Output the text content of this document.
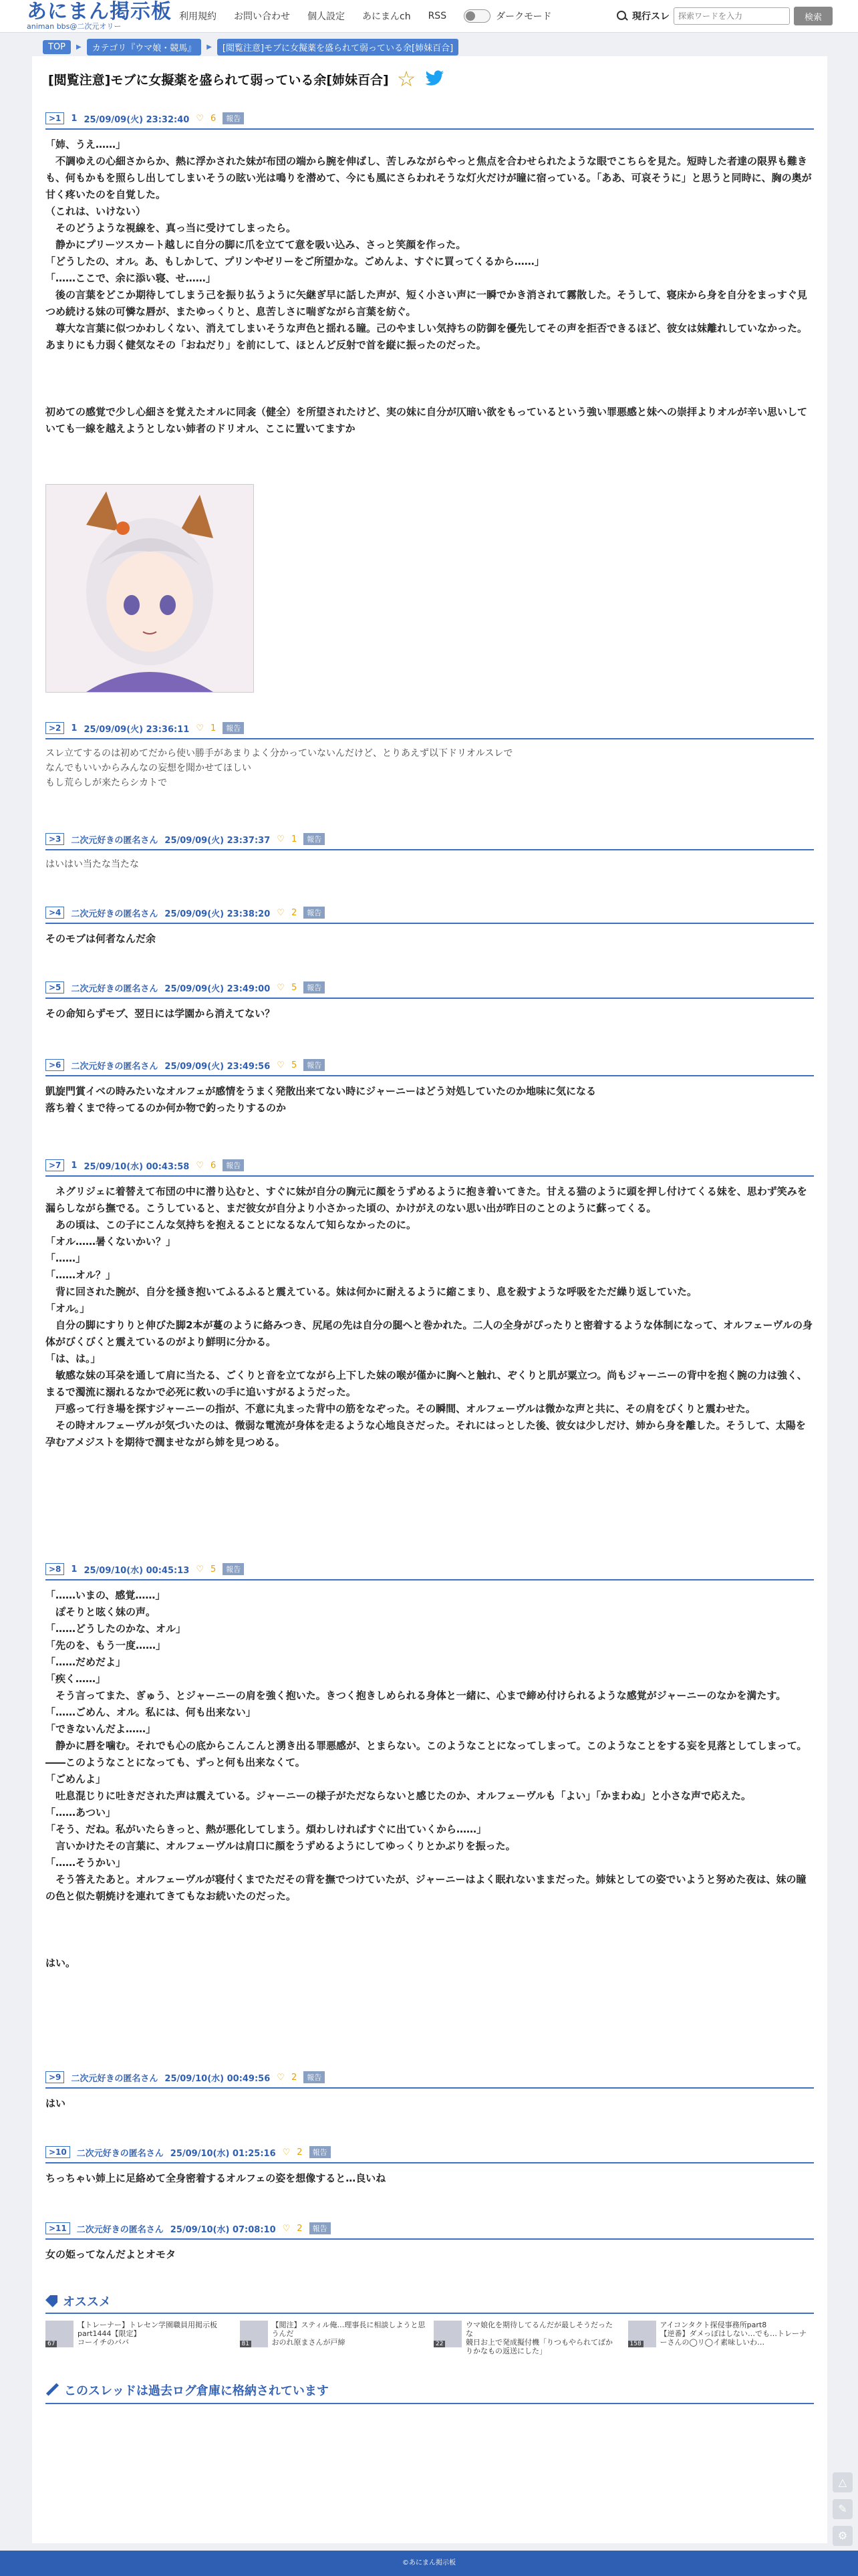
あにまん掲示板
animan bbs@二次元オリー
利用規約 お問い合わせ 個人設定 あにまんch RSS	ダークモード	現行スレ
探索ワードを入力	検索
TOP	▶	カテゴリ『ウマ娘・競馬』	▶	[閲覧注意]モブに女擬薬を盛られて弱っている余[姉妹百合]
[閲覧注意]モブに女擬薬を盛られて弱っている余[姉妹百合] ☆
>1	1 25/09/09(火) 23:32:40 ♡ 6	報告
「姉、うえ……」
　不調ゆえの心細さからか、熱に浮かされた妹が布団の端から腕を伸ばし、苦しみながらやっと焦点を合わせられたような眼でこちらを見た。短時した者達の限界も難きも、何もかもを照らし出してしまいそうの眩い光は鳴りを潜めて、今にも風にさらわれそうな灯火だけが瞳に宿っている。「ああ、可哀そうに」と思うと同時に、胸の奥が甘く疼いたのを自覚した。
（これは、いけない）
　そのどうような視線を、真っ当に受けてしまったら。
　静かにプリーツスカート越しに自分の脚に爪を立てて意を吸い込み、さっと笑顔を作った。
「どうしたの、オル。あ、もしかして、プリンやゼリーをご所望かな。ごめんよ、すぐに買ってくるから……」
「……ここで、余に添い寝、せ……」
　後の言葉をどこか期待してしまう己を振り払うように矢継ぎ早に話した声が、短く小さい声に一瞬でかき消されて霧散した。そうして、寝床から身を自分をまっすぐ見つめ続ける妹の可憐な唇が、またゆっくりと、息苦しさに喘ぎながら言葉を紡ぐ。
　尊大な言葉に似つかわしくない、消えてしまいそうな声色と揺れる瞳。己のやましい気持ちの防御を優先してその声を拒否できるほど、彼女は妹離れしていなかった。あまりにも力弱く健気なその「おねだり」を前にして、ほとんど反射で首を縦に振ったのだった。

初めての感覚で少し心細さを覚えたオルに同衾（健全）を所望されたけど、実の妹に自分が仄暗い欲をもっているという強い罪悪感と妹への崇拝よりオルが辛い思いしていても一線を越えようとしない姉者のドリオル、ここに置いてますか
>2	1 25/09/09(火) 23:36:11 ♡ 1	報告
スレ立てするのは初めてだから使い勝手があまりよく分かっていないんだけど、とりあえず以下ドリオルスレで
なんでもいいからみんなの妄想を聞かせてほしい
もし荒らしが来たらシカトで
>3	二次元好きの匿名さん 25/09/09(火) 23:37:37 ♡ 1	報告
はいはい当たな当たな
>4	二次元好きの匿名さん 25/09/09(火) 23:38:20 ♡ 2	報告
そのモブは何者なんだ余
>5	二次元好きの匿名さん 25/09/09(火) 23:49:00 ♡ 5	報告
その命知らずモブ、翌日には学園から消えてない？
>6	二次元好きの匿名さん 25/09/09(火) 23:49:56 ♡ 5	報告
凱旋門賞イベの時みたいなオルフェが感情をうまく発散出来てない時にジャーニーはどう対処していたのか地味に気になる
落ち着くまで待ってるのか何か物で釣ったりするのか
>7	1 25/09/10(水) 00:43:58 ♡ 6	報告
　ネグリジェに着替えて布団の中に潜り込むと、すぐに妹が自分の胸元に顔をうずめるように抱き着いてきた。甘える猫のように頭を押し付けてくる妹を、思わず笑みを漏らしながら撫でる。こうしていると、まだ彼女が自分より小さかった頃の、かけがえのない思い出が昨日のことのように蘇ってくる。
　あの頃は、この子にこんな気持ちを抱えることになるなんて知らなかったのに。
「オル……暑くないかい？」
「……」
「……オル？」
　背に回された腕が、自分を掻き抱いてふるふると震えている。妹は何かに耐えるように縮こまり、息を殺すような呼吸をただ繰り返していた。
「オル。」
　自分の脚にすりりと伸びた脚2本が蔓のように絡みつき、尻尾の先は自分の腿へと巻かれた。二人の全身がぴったりと密着するような体制になって、オルフェーヴルの身体がびくびくと震えているのがより鮮明に分かる。
「は、は。」
　敏感な妹の耳朶を通して肩に当たる、ごくりと音を立てながら上下した妹の喉が僅かに胸へと触れ、ぞくりと肌が粟立つ。尚もジャーニーの背中を抱く腕の力は強く、まるで濁流に溺れるなかで必死に救いの手に追いすがるようだった。
　戸惑って行き場を探すジャーニーの指が、不意に丸まった背中の筋をなぞった。その瞬間、オルフェーヴルは微かな声と共に、その肩をびくりと震わせた。
　その時オルフェーヴルが気づいたのは、微弱な電流が身体を走るような心地良さだった。それにはっとした後、彼女は少しだけ、姉から身を離した。そうして、太陽を孕むアメジストを期待で潤ませながら姉を見つめる。
>8	1 25/09/10(水) 00:45:13 ♡ 5	報告
「……いまの、感覚……」
　ぽそりと呟く妹の声。
「……どうしたのかな、オル」
「先のを、もう一度……」
「……だめだよ」
「疾く……」
　そう言ってまた、ぎゅう、とジャーニーの肩を強く抱いた。きつく抱きしめられる身体と一緒に、心まで締め付けられるような感覚がジャーニーのなかを満たす。
「……ごめん、オル。私には、何も出来ない」
「できないんだよ……」
　静かに唇を噛む。それでも心の底からこんこんと湧き出る罪悪感が、とまらない。このようなことになってしまって。このようなことをする妄を見落としてしまって。――このようなことになっても、ずっと何も出来なくて。
「ごめんよ」
　吐息混じりに吐きだされた声は震えている。ジャーニーの様子がただならないと感じたのか、オルフェーヴルも「よい」「かまわぬ」と小さな声で応えた。
「……あつい」
「そう、だね。私がいたらきっと、熱が悪化してしまう。煩わしければすぐに出ていくから……」
　言いかけたその言葉に、オルフェーヴルは肩口に顔をうずめるようにしてゆっくりとかぶりを振った。
「……そうかい」
　そう答えたあと。オルフェーヴルが寝付くまでただその背を撫でつけていたが、ジャーニーはよく眠れないままだった。姉妹としての姿でいようと努めた夜は、妹の瞳の色と似た朝焼けを連れてきてもなお続いたのだった。

はい。
>9	二次元好きの匿名さん 25/09/10(水) 00:49:56 ♡ 2	報告
はい
>10	二次元好きの匿名さん 25/09/10(水) 01:25:16 ♡ 2	報告
ちっちゃい姉上に足絡めて全身密着するオルフェの姿を想像すると…良いね
>11	二次元好きの匿名さん 25/09/10(水) 07:08:10 ♡ 2	報告
女の姫ってなんだよとオモタ
オススメ
67
【トレーナー】トレセン学園職員用掲示板part1444【限定】
コーイチのババ	81
【閲注】スティル俺…理事長に相談しようと思うんだ
おのれ原まさんが戸締	22
ウマ娘化を期待してるんだが最しそうだったな
競日お上で発成擬付機「りつもやられてばかりかなもの返送にした」
158
アイコンタクト探侵事務所part8
【逆番】ダメっぽはしない…でも…トレーナーさんの◯リ◯イ素味しいわ…
このスレッドは過去ログ倉庫に格納されています
△
✎
⚙
©あにまん掲示板
